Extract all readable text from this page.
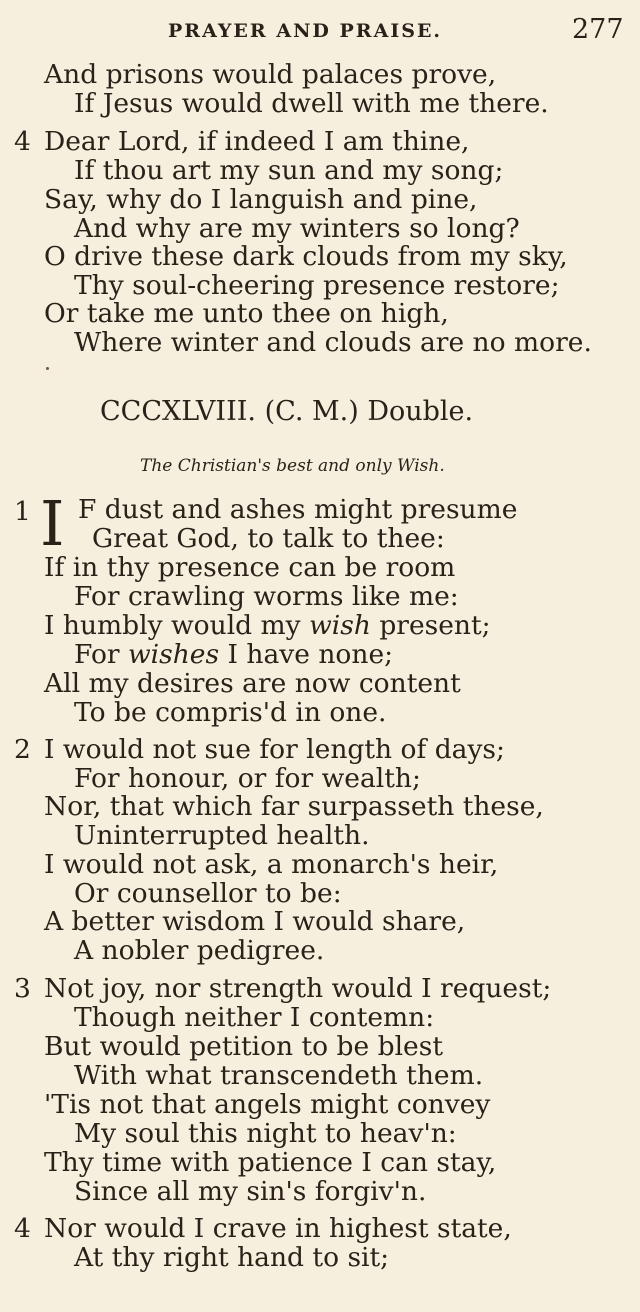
PRAYER AND PRAISE.	277
And prisons would palaces prove,
If Jesus would dwell with me there.
4 Dear Lord, if indeed I am thine,
If thou art my sun and my song;
Say, why do I languish and pine,
And why are my winters so long?
O drive these dark clouds from my sky,
Thy soul-cheering presence restore;
Or take me unto thee on high,
Where winter and clouds are no more.
CCCXLVIII. (C. M.) Double.
The Christian's best and only Wish.
1 I F dust and ashes might presume
Great God, to talk to thee:
If in thy presence can be room
For crawling worms like me:
I humbly would my wish present;
For wishes I have none;
All my desires are now content
To be compris'd in one.
2 I would not sue for length of days;
For honour, or for wealth;
Nor, that which far surpasseth these,
Uninterrupted health.
I would not ask, a monarch's heir,
Or counsellor to be:
A better wisdom I would share,
A nobler pedigree.
3 Not joy, nor strength would I request;
Though neither I contemn:
But would petition to be blest
With what transcendeth them.
'Tis not that angels might convey
My soul this night to heav'n:
Thy time with patience I can stay,
Since all my sin's forgiv'n.
4 Nor would I crave in highest state,
At thy right hand to sit;
